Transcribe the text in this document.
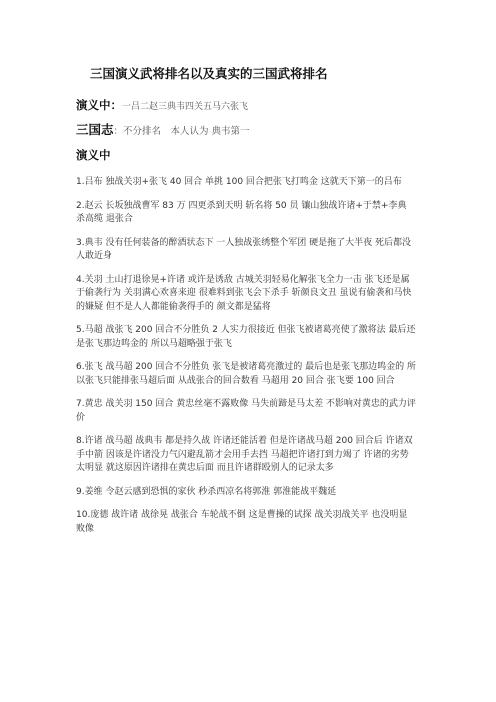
三国演义武将排名以及真实的三国武将排名
演义中：一吕二赵三典韦四关五马六张飞
三国志：不分排名　本人认为 典韦第一
演义中

1.吕布 独战关羽+张飞 40 回合 单挑 100 回合把张飞打鸣金 这就天下第一的吕布

2.赵云 长坂独战曹军 83 万 四更杀到天明 斩名将 50 员 镶山独战许诸+于禁+李典 杀高缆 退张合

3.典韦 没有任何装备的醉酒状态下 一人独战张绣整个军团 硬是拖了大半夜 死后都没人敢近身

4.关羽 土山打退徐晃+许诸 或许是诱敌 古城关羽轻易化解张飞全力一击 张飞还是属于偷袭行为 关羽满心欢喜来迎 很难料到张飞会下杀手 斩颜良文丑 虽说有偷袭和马快的嫌疑 但不是人人都能偷袭得手的 颜文都是猛将

5.马超 战张飞 200 回合不分胜负 2 人实力很接近 但张飞被诸葛亮使了激将法 最后还是张飞那边鸣金的 所以马超略强于张飞

6.张飞 战马超 200 回合不分胜负 张飞是被诸葛亮激过的 最后也是张飞那边鸣金的 所以张飞只能排张马超后面 从战张合的回合数看 马超用 20 回合 张飞要 100 回合

7.黄忠 战关羽 150 回合 黄忠丝毫不露败像 马失前蹄是马太差 不影响对黄忠的武力评价

8.许诸 战马超 战典韦 都是持久战 许诸还能活着 但是许诸战马超 200 回合后 许诸双手中箭 因该是许诸没力气闪避乱箭才会用手去挡 马超把许诸打到力竭了 许诸的劣势太明显 就这原因许诸排在黄忠后面 而且许诸群殴别人的记录太多

9.姜维 令赵云感到恐惧的家伙 秒杀西凉名将郭淮 郭淮能战平魏延

10.庞德 战许诸 战徐晃 战张合 车轮战不倒 这是曹操的试探 战关羽战关平 也没明显败像
